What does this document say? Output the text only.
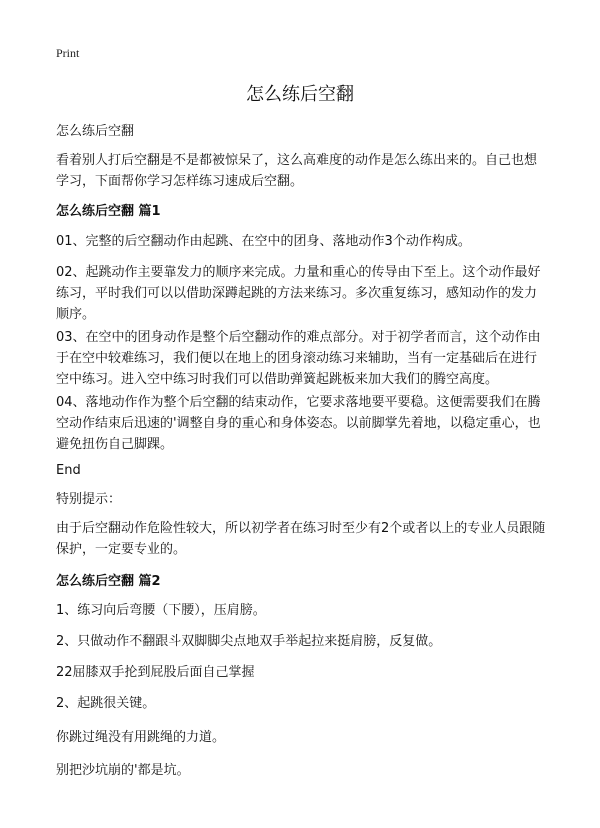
Print
怎么练后空翻
怎么练后空翻
看着别人打后空翻是不是都被惊呆了，这么高难度的动作是怎么练出来的。自己也想学习，下面帮你学习怎样练习速成后空翻。
怎么练后空翻 篇1
01、完整的后空翻动作由起跳、在空中的团身、落地动作3个动作构成。
02、起跳动作主要靠发力的顺序来完成。力量和重心的传导由下至上。这个动作最好练习，平时我们可以以借助深蹲起跳的方法来练习。多次重复练习，感知动作的发力顺序。
03、在空中的团身动作是整个后空翻动作的难点部分。对于初学者而言，这个动作由于在空中较难练习，我们便以在地上的团身滚动练习来辅助，当有一定基础后在进行空中练习。进入空中练习时我们可以借助弹簧起跳板来加大我们的腾空高度。
04、落地动作作为整个后空翻的结束动作，它要求落地要平要稳。这便需要我们在腾空动作结束后迅速的'调整自身的重心和身体姿态。以前脚掌先着地，以稳定重心，也避免扭伤自己脚踝。
End
特别提示：
由于后空翻动作危险性较大，所以初学者在练习时至少有2个或者以上的专业人员跟随保护，一定要专业的。
怎么练后空翻 篇2
1、练习向后弯腰（下腰），压肩膀。
2、只做动作不翻跟斗双脚脚尖点地双手举起拉来挺肩膀，反复做。
22屈膝双手抡到屁股后面自己掌握
2、起跳很关键。
你跳过绳没有用跳绳的力道。
别把沙坑崩的'都是坑。
